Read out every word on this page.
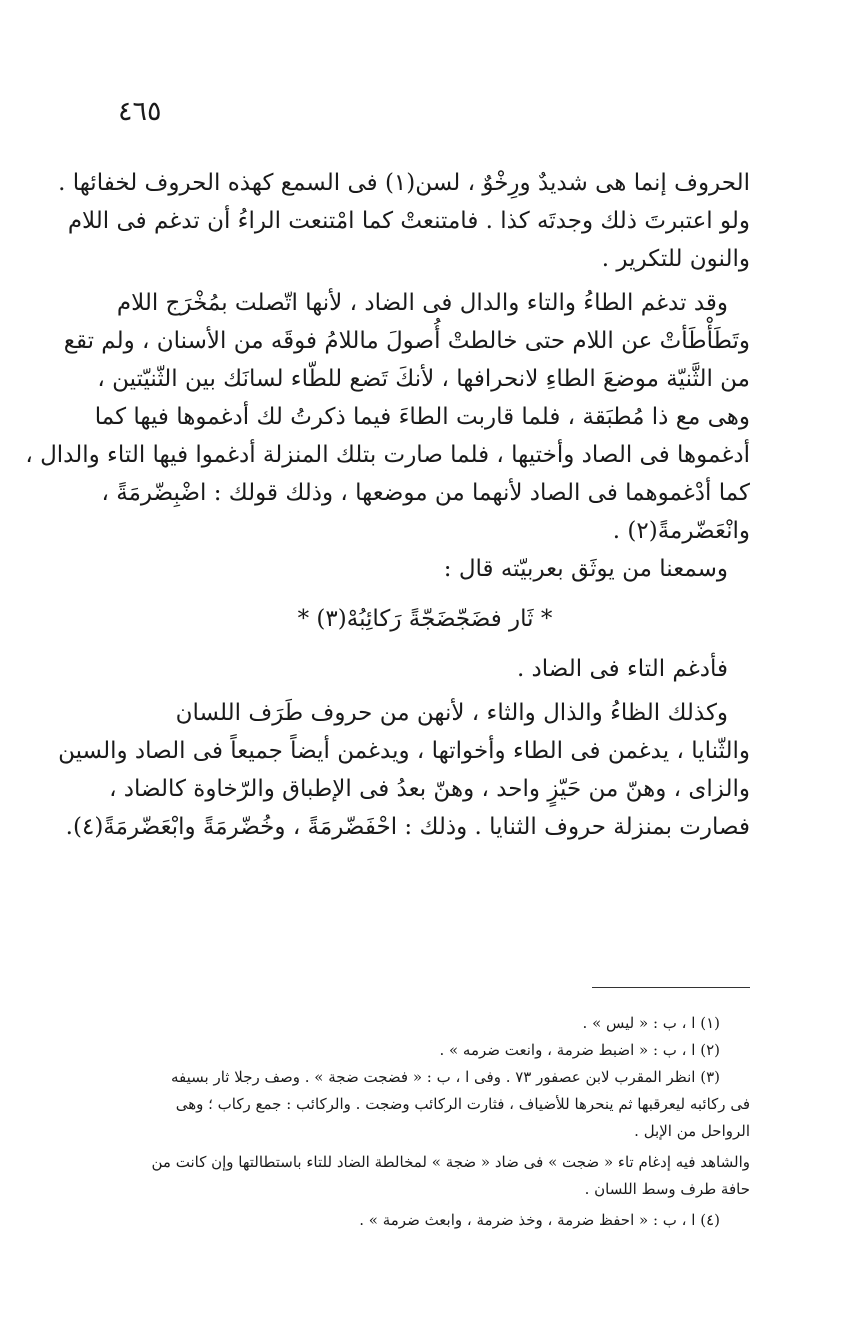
٤٦٥
الحروف إنما هى شديدٌ ورِخْوٌ ، لسن(١) فى السمع كهذه الحروف لخفائها .
ولو اعتبرتَ ذلك وجدتَه كذا . فامتنعتْ كما امْتنعت الراءُ أن تدغم فى اللام
والنون للتكرير .
وقد تدغم الطاءُ والتاء والدال فى الضاد ، لأنها اتّصلت بمُخْرَج اللام
وتَطَأْطَأتْ عن اللام حتى خالطتْ أُصولَ ماللامُ فوقَه من الأسنان ، ولم تقع
من الثَّنيّة موضعَ الطاءِ لانحرافها ، لأنكَ تَضع للطّاء لسانَك بين الثّنيّتين ،
وهى مع ذا مُطبَقة ، فلما قاربت الطاءَ فيما ذكرتُ لك أدغموها فيها كما
أدغموها فى الصاد وأختيها ، فلما صارت بتلك المنزلة أدغموا فيها التاء والدال ،
كما أدْغموهما فى الصاد لأنهما من موضعها ، وذلك قولك : اضْبِضّرمَةً ،
وانْعَضّرمةً(٢) .
وسمعنا من يوثَق بعربيّته قال :
* ثَار فضَجّضَجّةً رَكائِبُهْ(٣) *
فأدغم التاء فى الضاد .
وكذلك الظاءُ والذال والثاء ، لأنهن من حروف طَرَف اللسان
والثّنايا ، يدغمن فى الطاء وأخواتها ، ويدغمن أيضاً جميعاً فى الصاد والسين
والزاى ، وهنّ من حَيّزٍ واحد ، وهنّ بعدُ فى الإطباق والرّخاوة كالضاد ،
فصارت بمنزلة حروف الثنايا . وذلك : احْفَضّرمَةً ، وخُضّرمَةً وابْعَضّرمَةً(٤).
(١) ا ، ب : « ليس » .
(٢) ا ، ب : « اضبط ضرمة ، وانعت ضرمه » .
(٣) انظر المقرب لابن عصفور ٧٣ . وفى ا ، ب : « فضجت ضجة » . وصف رجلا ثار بسيفه
فى ركائبه ليعرقبها ثم ينحرها للأضياف ، فثارت الركائب وضجت . والركائب : جمع ركاب ؛ وهى
الرواحل من الإبل .
والشاهد فيه إدغام تاء « ضجت » فى ضاد « ضجة » لمخالطة الضاد للتاء باستطالتها وإن كانت من
حافة طرف وسط اللسان .
(٤) ا ، ب : « احفظ ضرمة ، وخذ ضرمة ، وابعث ضرمة » .
